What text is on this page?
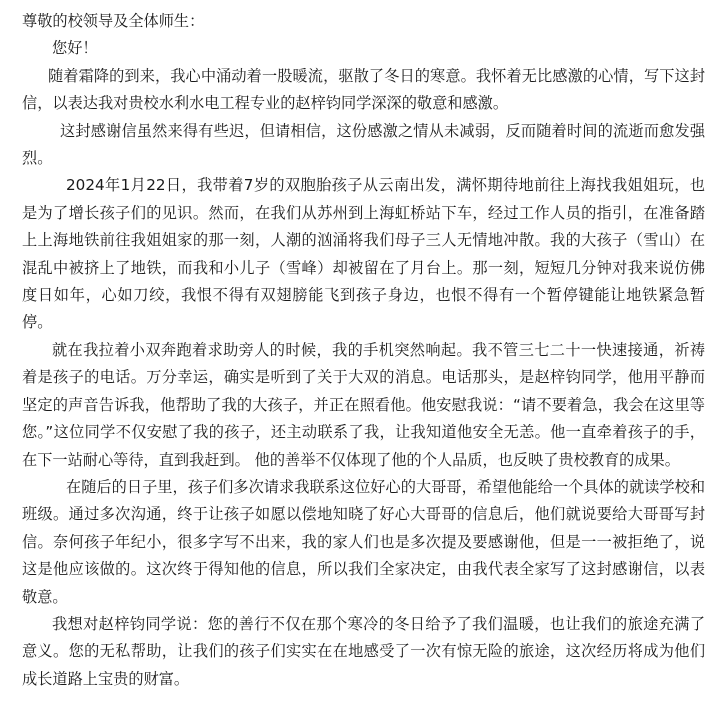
尊敬的校领导及全体师生：

您好！

随着霜降的到来，我心中涌动着一股暖流，驱散了冬日的寒意。我怀着无比感激的心情，写下这封信，以表达我对贵校水利水电工程专业的赵梓钧同学深深的敬意和感激。

这封感谢信虽然来得有些迟，但请相信，这份感激之情从未减弱，反而随着时间的流逝而愈发强烈。

2024年1月22日，我带着7岁的双胞胎孩子从云南出发，满怀期待地前往上海找我姐姐玩，也是为了增长孩子们的见识。然而，在我们从苏州到上海虹桥站下车，经过工作人员的指引，在准备踏上上海地铁前往我姐姐家的那一刻，人潮的汹涌将我们母子三人无情地冲散。我的大孩子（雪山）在混乱中被挤上了地铁，而我和小儿子（雪峰）却被留在了月台上。那一刻，短短几分钟对我来说仿佛度日如年，心如刀绞，我恨不得有双翅膀能飞到孩子身边，也恨不得有一个暂停键能让地铁紧急暂停。

就在我拉着小双奔跑着求助旁人的时候，我的手机突然响起。我不管三七二十一快速接通，祈祷着是孩子的电话。万分幸运，确实是听到了关于大双的消息。电话那头，是赵梓钧同学，他用平静而坚定的声音告诉我，他帮助了我的大孩子，并正在照看他。他安慰我说：“请不要着急，我会在这里等您。”这位同学不仅安慰了我的孩子，还主动联系了我，让我知道他安全无恙。他一直牵着孩子的手，在下一站耐心等待，直到我赶到。 他的善举不仅体现了他的个人品质，也反映了贵校教育的成果。

在随后的日子里，孩子们多次请求我联系这位好心的大哥哥，希望他能给一个具体的就读学校和班级。通过多次沟通，终于让孩子如愿以偿地知晓了好心大哥哥的信息后，他们就说要给大哥哥写封信。奈何孩子年纪小，很多字写不出来，我的家人们也是多次提及要感谢他，但是一一被拒绝了，说这是他应该做的。这次终于得知他的信息，所以我们全家决定，由我代表全家写了这封感谢信，以表敬意。

我想对赵梓钧同学说：您的善行不仅在那个寒冷的冬日给予了我们温暖，也让我们的旅途充满了意义。您的无私帮助，让我们的孩子们实实在在地感受了一次有惊无险的旅途，这次经历将成为他们成长道路上宝贵的财富。
